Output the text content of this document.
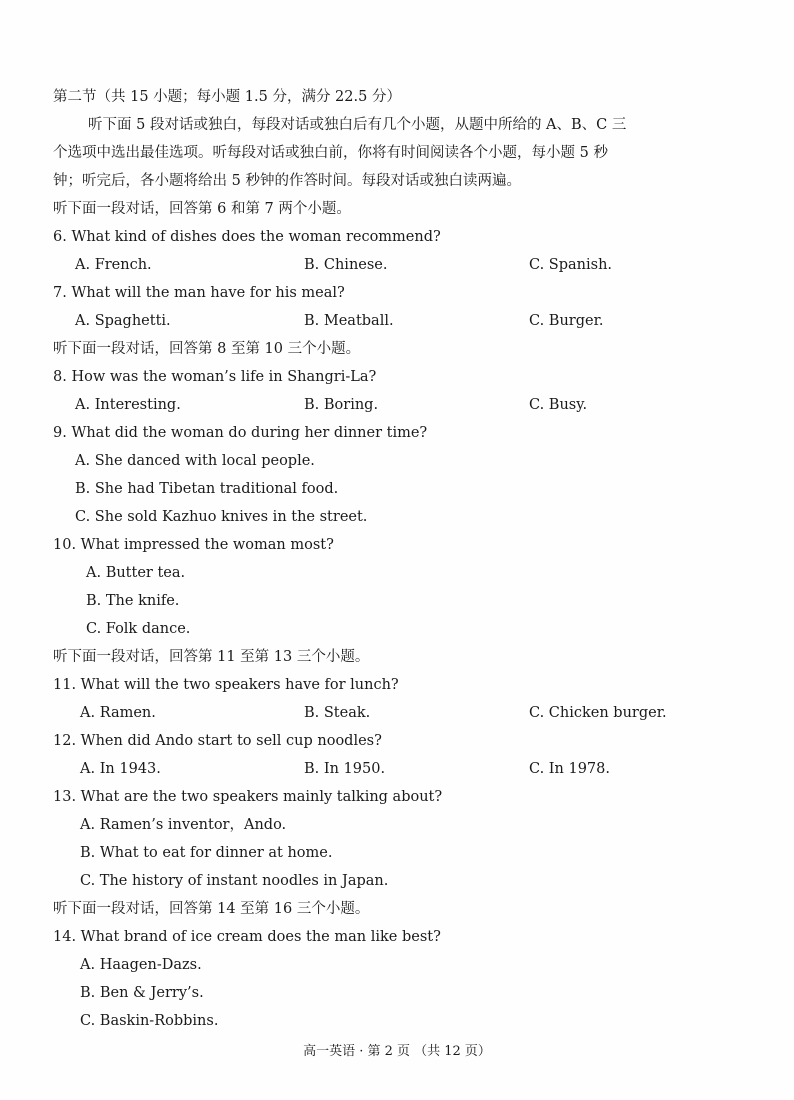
第二节（共 15 小题；每小题 1.5 分，满分 22.5 分）
听下面 5 段对话或独白，每段对话或独白后有几个小题，从题中所给的 A、B、C 三
个选项中选出最佳选项。听每段对话或独白前，你将有时间阅读各个小题，每小题 5 秒
钟；听完后，各小题将给出 5 秒钟的作答时间。每段对话或独白读两遍。
听下面一段对话，回答第 6 和第 7 两个小题。
6. What kind of dishes does the woman recommend?
A. French.	B. Chinese.	C. Spanish.
7. What will the man have for his meal?
A. Spaghetti.	B. Meatball.	C. Burger.
听下面一段对话，回答第 8 至第 10 三个小题。
8. How was the woman’s life in Shangri-La?
A. Interesting.	B. Boring.	C. Busy.
9. What did the woman do during her dinner time?
A. She danced with local people.
B. She had Tibetan traditional food.
C. She sold Kazhuo knives in the street.
10. What impressed the woman most?
A. Butter tea.
B. The knife.
C. Folk dance.
听下面一段对话，回答第 11 至第 13 三个小题。
11. What will the two speakers have for lunch?
A. Ramen.	B. Steak.	C. Chicken burger.
12. When did Ando start to sell cup noodles?
A. In 1943.	B. In 1950.	C. In 1978.
13. What are the two speakers mainly talking about?
A. Ramen’s inventor，Ando.
B. What to eat for dinner at home.
C. The history of instant noodles in Japan.
听下面一段对话，回答第 14 至第 16 三个小题。
14. What brand of ice cream does the man like best?
A. Haagen-Dazs.
B. Ben & Jerry’s.
C. Baskin-Robbins.
高一英语 · 第 2 页 （共 12 页）
